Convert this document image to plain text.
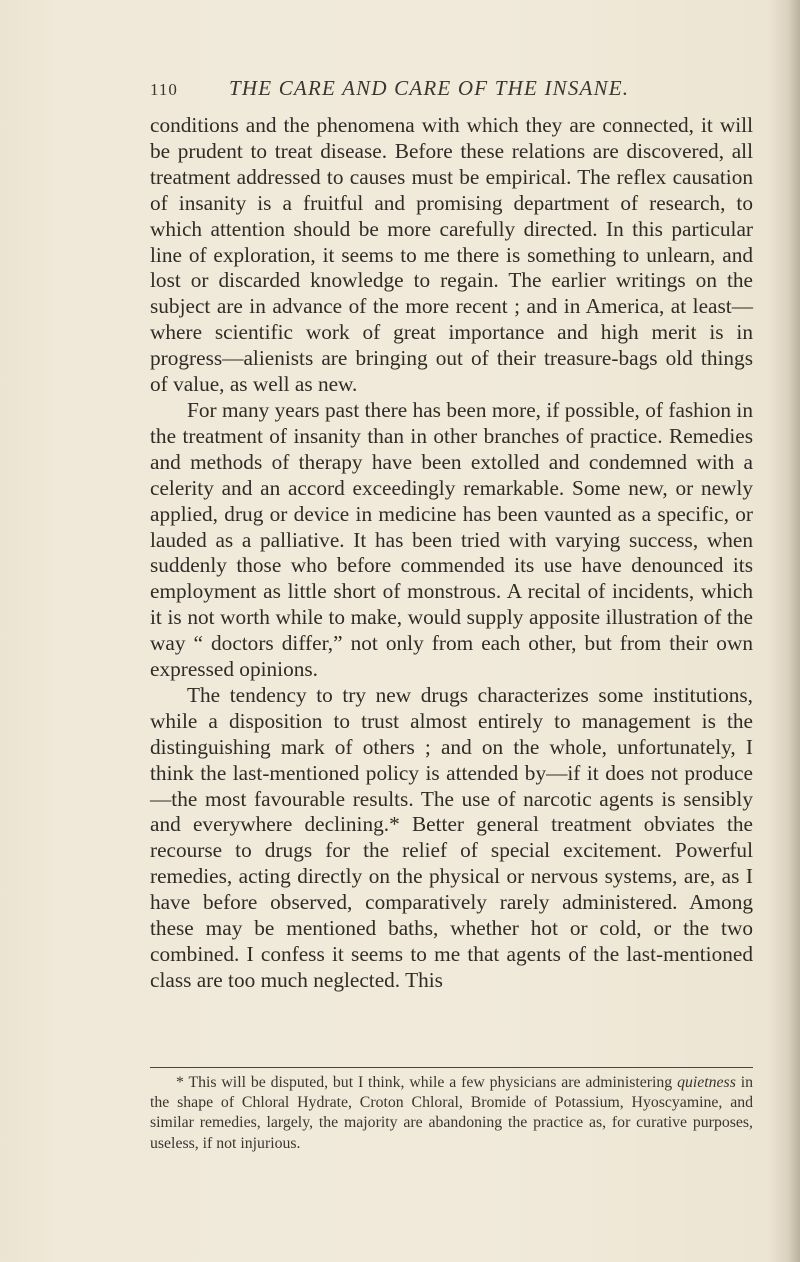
110 THE CARE AND CARE OF THE INSANE.

conditions and the phenomena with which they are connected, it will be prudent to treat disease. Before these relations are discovered, all treatment addressed to causes must be empirical. The reflex causation of insanity is a fruitful and promising department of research, to which attention should be more carefully directed. In this particular line of exploration, it seems to me there is something to unlearn, and lost or discarded knowledge to regain. The earlier writings on the subject are in advance of the more recent ; and in America, at least—where scientific work of great importance and high merit is in progress—alienists are bringing out of their treasure-bags old things of value, as well as new.

For many years past there has been more, if possible, of fashion in the treatment of insanity than in other branches of practice. Remedies and methods of therapy have been extolled and condemned with a celerity and an accord exceedingly remarkable. Some new, or newly applied, drug or device in medicine has been vaunted as a specific, or lauded as a palliative. It has been tried with varying success, when suddenly those who before commended its use have denounced its employment as little short of monstrous. A recital of incidents, which it is not worth while to make, would supply apposite illustration of the way “ doctors differ,” not only from each other, but from their own expressed opinions.

The tendency to try new drugs characterizes some institutions, while a disposition to trust almost entirely to management is the distinguishing mark of others ; and on the whole, unfortunately, I think the last-mentioned policy is attended by—if it does not produce—the most favourable results. The use of narcotic agents is sensibly and everywhere declining.* Better general treatment obviates the recourse to drugs for the relief of special excitement. Powerful remedies, acting directly on the physical or nervous systems, are, as I have before observed, comparatively rarely administered. Among these may be mentioned baths, whether hot or cold, or the two combined. I confess it seems to me that agents of the last-mentioned class are too much neglected. This

* This will be disputed, but I think, while a few physicians are administering quietness in the shape of Chloral Hydrate, Croton Chloral, Bromide of Potassium, Hyoscyamine, and similar remedies, largely, the majority are abandoning the practice as, for curative purposes, useless, if not injurious.
